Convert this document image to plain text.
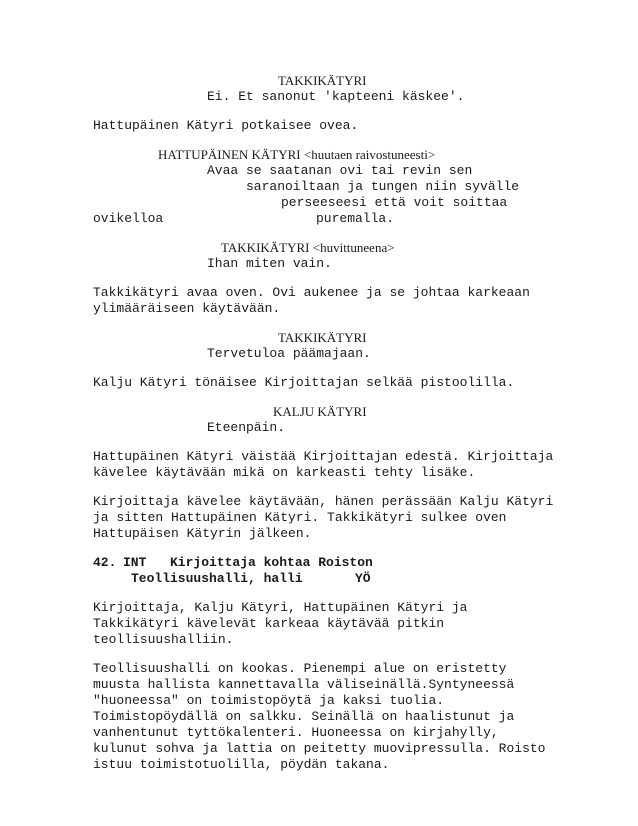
TAKKIKÄTYRI
Ei. Et sanonut 'kapteeni käskee'.
Hattupäinen Kätyri potkaisee ovea.
HATTUPÄINEN KÄTYRI <huutaen raivostuneesti>
Avaa se saatanan ovi tai revin sen
saranoiltaan ja tungen niin syvälle
perseeseesi että voit soittaa
ovikelloa	puremalla.
TAKKIKÄTYRI <huvittuneena>
Ihan miten vain.
Takkikätyri avaa oven. Ovi aukenee ja se johtaa karkeaan
ylimääräiseen käytävään.
TAKKIKÄTYRI
Tervetuloa päämajaan.
Kalju Kätyri tönäisee Kirjoittajan selkää pistoolilla.
KALJU KÄTYRI
Eteenpäin.
Hattupäinen Kätyri väistää Kirjoittajan edestä. Kirjoittaja
kävelee käytävään mikä on karkeasti tehty lisäke.
Kirjoittaja kävelee käytävään, hänen perässään Kalju Kätyri
ja sitten Hattupäinen Kätyri. Takkikätyri sulkee oven
Hattupäisen Kätyrin jälkeen.
42. INT Kirjoittaja kohtaa Roiston
Teollisuushalli, halli	YÖ
Kirjoittaja, Kalju Kätyri, Hattupäinen Kätyri ja
Takkikätyri kävelevät karkeaa käytävää pitkin
teollisuushalliin.
Teollisuushalli on kookas. Pienempi alue on eristetty
muusta hallista kannettavalla väliseinällä.Syntyneessä
"huoneessa" on toimistopöytä ja kaksi tuolia.
Toimistopöydällä on salkku. Seinällä on haalistunut ja
vanhentunut tyttökalenteri. Huoneessa on kirjahylly,
kulunut sohva ja lattia on peitetty muovipressulla. Roisto
istuu toimistotuolilla, pöydän takana.
